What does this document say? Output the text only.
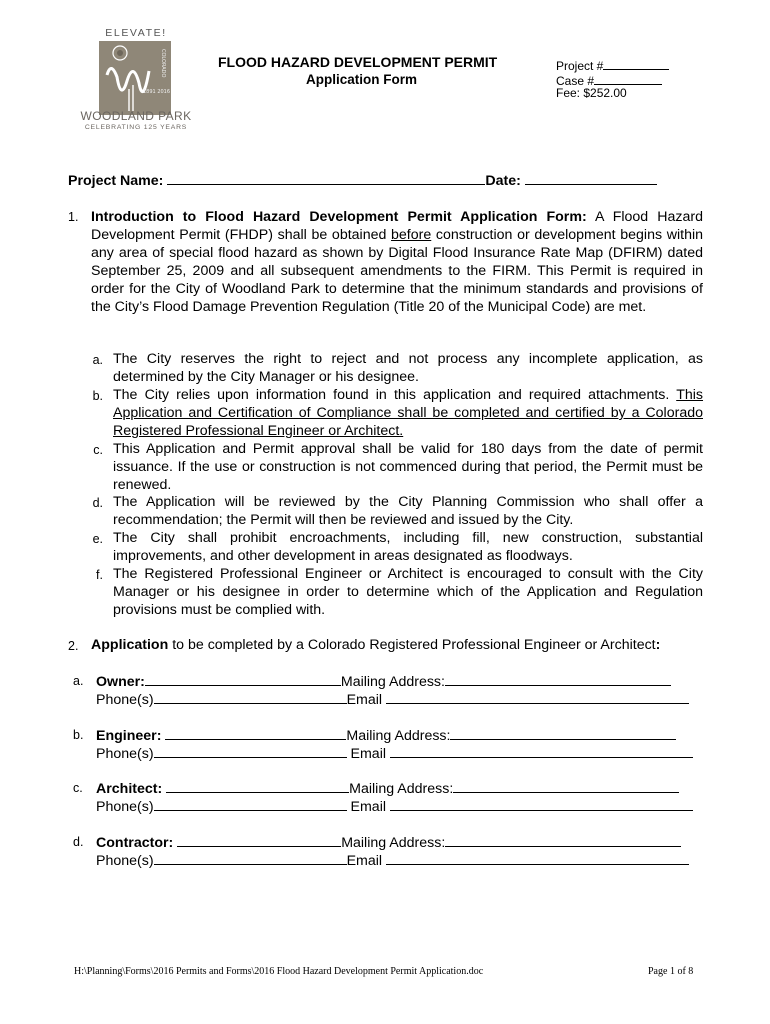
ELEVATE!
COLORADO
1891 2016
WOODLAND PARK
CELEBRATING 125 YEARS
FLOOD HAZARD DEVELOPMENT PERMIT
Application Form
Project #
Case #
Fee: $252.00
Project Name:	Date:
1. Introduction to Flood Hazard Development Permit Application Form: A Flood Hazard Development Permit (FHDP) shall be obtained before construction or development begins within any area of special flood hazard as shown by Digital Flood Insurance Rate Map (DFIRM) dated September 25, 2009 and all subsequent amendments to the FIRM. This Permit is required in order for the City of Woodland Park to determine that the minimum standards and provisions of the City’s Flood Damage Prevention Regulation (Title 20 of the Municipal Code) are met.
a. The City reserves the right to reject and not process any incomplete application, as determined by the City Manager or his designee.
b. The City relies upon information found in this application and required attachments. This Application and Certification of Compliance shall be completed and certified by a Colorado Registered Professional Engineer or Architect.
c. This Application and Permit approval shall be valid for 180 days from the date of permit issuance. If the use or construction is not commenced during that period, the Permit must be renewed.
d. The Application will be reviewed by the City Planning Commission who shall offer a recommendation; the Permit will then be reviewed and issued by the City.
e. The City shall prohibit encroachments, including fill, new construction, substantial improvements, and other development in areas designated as floodways.
f. The Registered Professional Engineer or Architect is encouraged to consult with the City Manager or his designee in order to determine which of the Application and Regulation provisions must be complied with.
2. Application to be completed by a Colorado Registered Professional Engineer or Architect:
a. Owner:	Mailing Address:
Phone(s)	Email
b. Engineer:	Mailing Address:
Phone(s)	Email
c. Architect:	Mailing Address:
Phone(s)	Email
d. Contractor:	Mailing Address:
Phone(s)	Email
H:\Planning\Forms\2016 Permits and Forms\2016 Flood Hazard Development Permit Application.doc	Page 1 of 8
